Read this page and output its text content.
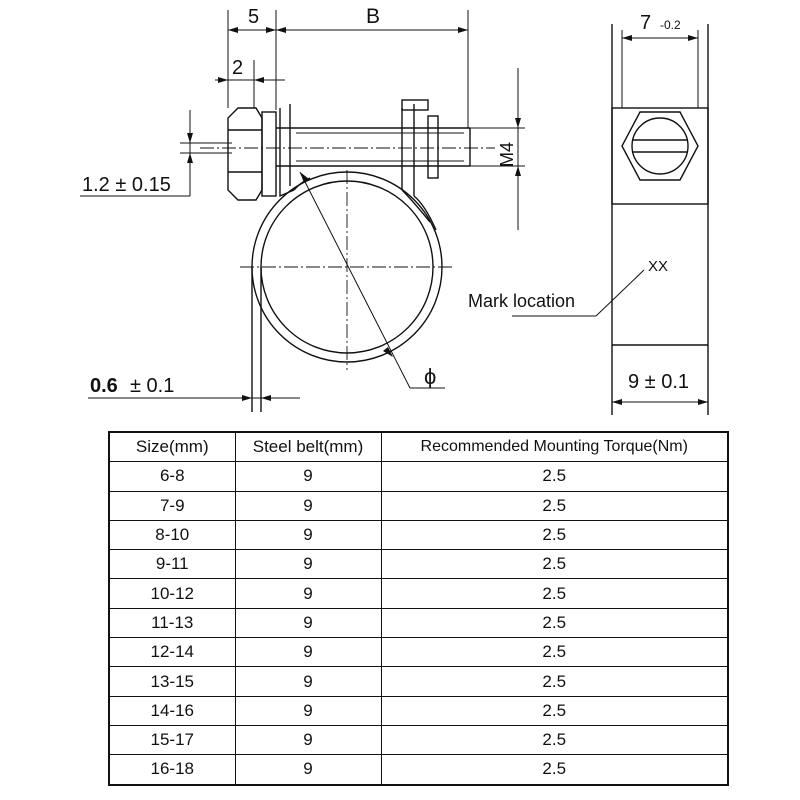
5	B
2
7 -0.2
M4
1.2 ± 0.15
0.6 ± 0.1	ϕ	9 ± 0.1
XX
Mark location
Size(mm)	Steel belt(mm)	Recommended Mounting Torque(Nm)
6-8	9	2.5
7-9	9	2.5
8-10	9	2.5
9-11	9	2.5
10-12	9	2.5
11-13	9	2.5
12-14	9	2.5
13-15	9	2.5
14-16	9	2.5
15-17	9	2.5
16-18	9	2.5
